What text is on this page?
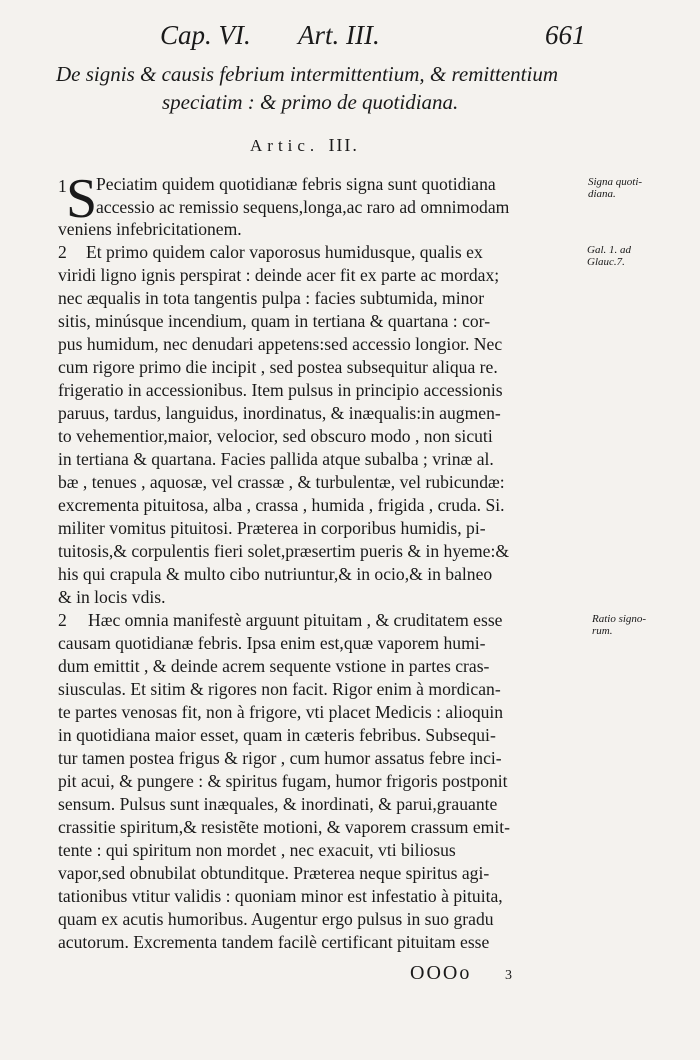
Cap. VI. Art. III.	661
De signis & causis febrium intermittentium, & remittentium
speciatim : & primo de quotidiana.
Artic. III.
1 S
Peciatim quidem quotidianæ febris signa sunt quotidiana
accessio ac remissio sequens,longa,ac raro ad omnimodam
veniens infebricitationem.
2 Et primo quidem calor vaporosus humidusque, qualis ex
viridi ligno ignis perspirat : deinde acer fit ex parte ac mordax;
nec æqualis in tota tangentis pulpa : facies subtumida, minor
sitis, minúsque incendium, quam in tertiana & quartana : cor-
pus humidum, nec denudari appetens:sed accessio longior. Nec
cum rigore primo die incipit , sed postea subsequitur aliqua re.
frigeratio in accessionibus. Item pulsus in principio accessionis
paruus, tardus, languidus, inordinatus, & inæqualis:in augmen-
to vehementior,maior, velocior, sed obscuro modo , non sicuti
in tertiana & quartana. Facies pallida atque subalba ; vrinæ al.
bæ , tenues , aquosæ, vel crassæ , & turbulentæ, vel rubicundæ:
excrementa pituitosa, alba , crassa , humida , frigida , cruda. Si.
militer vomitus pituitosi. Præterea in corporibus humidis, pi-
tuitosis,& corpulentis fieri solet,præsertim pueris & in hyeme:&
his qui crapula & multo cibo nutriuntur,& in ocio,& in balneo
& in locis vdis.
2 Hæc omnia manifestè arguunt pituitam , & cruditatem esse
causam quotidianæ febris. Ipsa enim est,quæ vaporem humi-
dum emittit , & deinde acrem sequente vstione in partes cras-
siusculas. Et sitim & rigores non facit. Rigor enim à mordican-
te partes venosas fit, non à frigore, vti placet Medicis : alioquin
in quotidiana maior esset, quam in cæteris febribus. Subsequi-
tur tamen postea frigus & rigor , cum humor assatus febre inci-
pit acui, & pungere : & spiritus fugam, humor frigoris postponit
sensum. Pulsus sunt inæquales, & inordinati, & parui,grauante
crassitie spiritum,& resistẽte motioni, & vaporem crassum emit-
tente : qui spiritum non mordet , nec exacuit, vti biliosus
vapor,sed obnubilat obtunditque. Præterea neque spiritus agi-
tationibus vtitur validis : quoniam minor est infestatio à pituita,
quam ex acutis humoribus. Augentur ergo pulsus in suo gradu
acutorum. Excrementa tandem facilè certificant pituitam esse
Signa quoti-
diana.
Gal. 1. ad
Glauc.7.
Ratio signo-
rum.
OOOo 3
